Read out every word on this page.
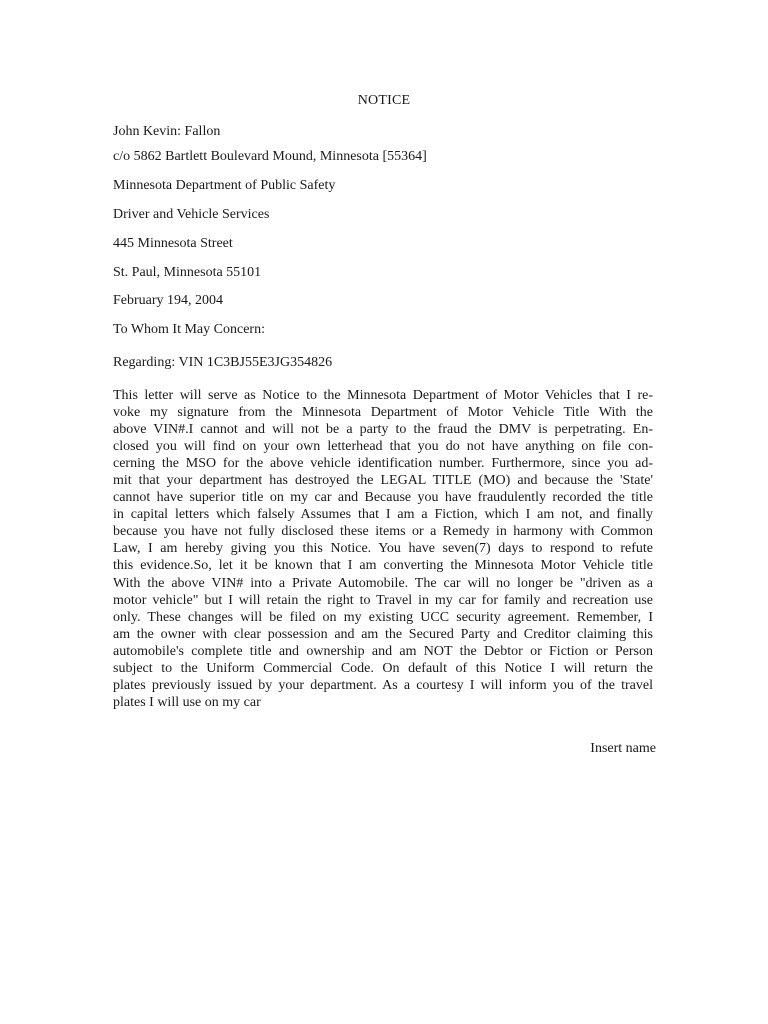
NOTICE
John Kevin: Fallon
c/o 5862 Bartlett Boulevard Mound, Minnesota [55364]
Minnesota Department of Public Safety
Driver and Vehicle Services
445 Minnesota Street
St. Paul, Minnesota 55101
February 194, 2004
To Whom It May Concern:
Regarding: VIN 1C3BJ55E3JG354826
This letter will serve as Notice to the Minnesota Department of Motor Vehicles that I re-
voke my signature from the Minnesota Department of Motor Vehicle Title With the
above VIN#.I cannot and will not be a party to the fraud the DMV is perpetrating. En-
closed you will find on your own letterhead that you do not have anything on file con-
cerning the MSO for the above vehicle identification number. Furthermore, since you ad-
mit that your department has destroyed the LEGAL TITLE (MO) and because the 'State'
cannot have superior title on my car and Because you have fraudulently recorded the title
in capital letters which falsely Assumes that I am a Fiction, which I am not, and finally
because you have not fully disclosed these items or a Remedy in harmony with Common
Law, I am hereby giving you this Notice. You have seven(7) days to respond to refute
this evidence.So, let it be known that I am converting the Minnesota Motor Vehicle title
With the above VIN# into a Private Automobile. The car will no longer be "driven as a
motor vehicle" but I will retain the right to Travel in my car for family and recreation use
only. These changes will be filed on my existing UCC security agreement. Remember, I
am the owner with clear possession and am the Secured Party and Creditor claiming this
automobile's complete title and ownership and am NOT the Debtor or Fiction or Person
subject to the Uniform Commercial Code. On default of this Notice I will return the
plates previously issued by your department. As a courtesy I will inform you of the travel
plates I will use on my car
Insert name
